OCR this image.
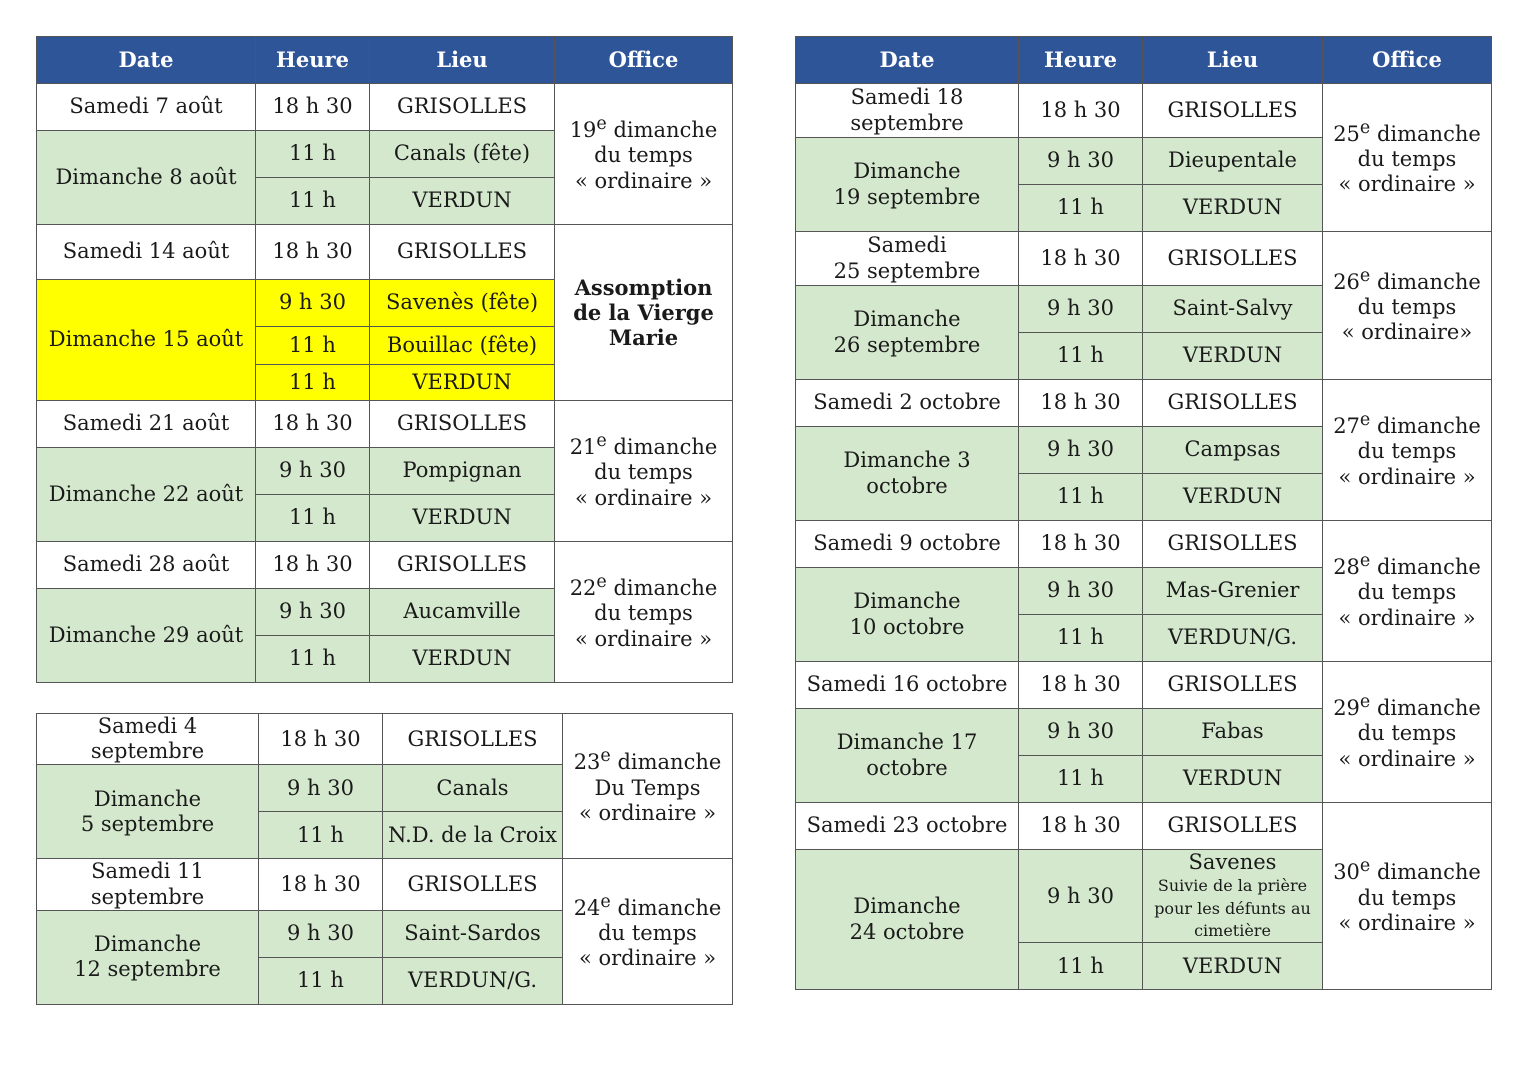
Date	Heure	Lieu	Office
Samedi 7 août	18 h 30	GRISOLLES	19e dimanche
du temps
« ordinaire »
Dimanche 8 août	11 h	Canals (fête)	
	11 h	VERDUN	
Samedi 14 août	18 h 30	GRISOLLES	Assomption
de la Vierge
Marie
Dimanche 15 août	9 h 30	Savenès (fête)	
	11 h	Bouillac (fête)	
	11 h	VERDUN	
Samedi 21 août	18 h 30	GRISOLLES	21e dimanche
du temps
« ordinaire »
Dimanche 22 août	9 h 30	Pompignan	
	11 h	VERDUN	
Samedi 28 août	18 h 30	GRISOLLES	22e dimanche
du temps
« ordinaire »
Dimanche 29 août	9 h 30	Aucamville	
	11 h	VERDUN	
Samedi 4 septembre	18 h 30	GRISOLLES	23e dimanche
Du Temps
« ordinaire »
Dimanche
5 septembre	9 h 30	Canals	
	11 h	N.D. de la Croix	
Samedi 11 septembre	18 h 30	GRISOLLES	24e dimanche
du temps
« ordinaire »
Dimanche
12 septembre	9 h 30	Saint-Sardos	
	11 h	VERDUN/G.	
Date	Heure	Lieu	Office
Samedi 18
septembre	18 h 30	GRISOLLES	25e dimanche
du temps
« ordinaire »
Dimanche
19 septembre	9 h 30	Dieupentale	
	11 h	VERDUN	
Samedi
25 septembre	18 h 30	GRISOLLES	26e dimanche
du temps
« ordinaire»
Dimanche
26 septembre	9 h 30	Saint-Salvy	
	11 h	VERDUN	
Samedi 2 octobre	18 h 30	GRISOLLES	27e dimanche
du temps
« ordinaire »
Dimanche 3 octobre	9 h 30	Campsas	
	11 h	VERDUN	
Samedi 9 octobre	18 h 30	GRISOLLES	28e dimanche
du temps
« ordinaire »
Dimanche
10 octobre	9 h 30	Mas-Grenier	
	11 h	VERDUN/G.	
Samedi 16 octobre	18 h 30	GRISOLLES	29e dimanche
du temps
« ordinaire »
Dimanche 17 octobre	9 h 30	Fabas	
	11 h	VERDUN	
Samedi 23 octobre	18 h 30	GRISOLLES	30e dimanche
du temps
« ordinaire »
Dimanche
24 octobre	9 h 30	Savenes
Suivie de la prière
pour les défunts au
cimetière	

	11 h	VERDUN	
